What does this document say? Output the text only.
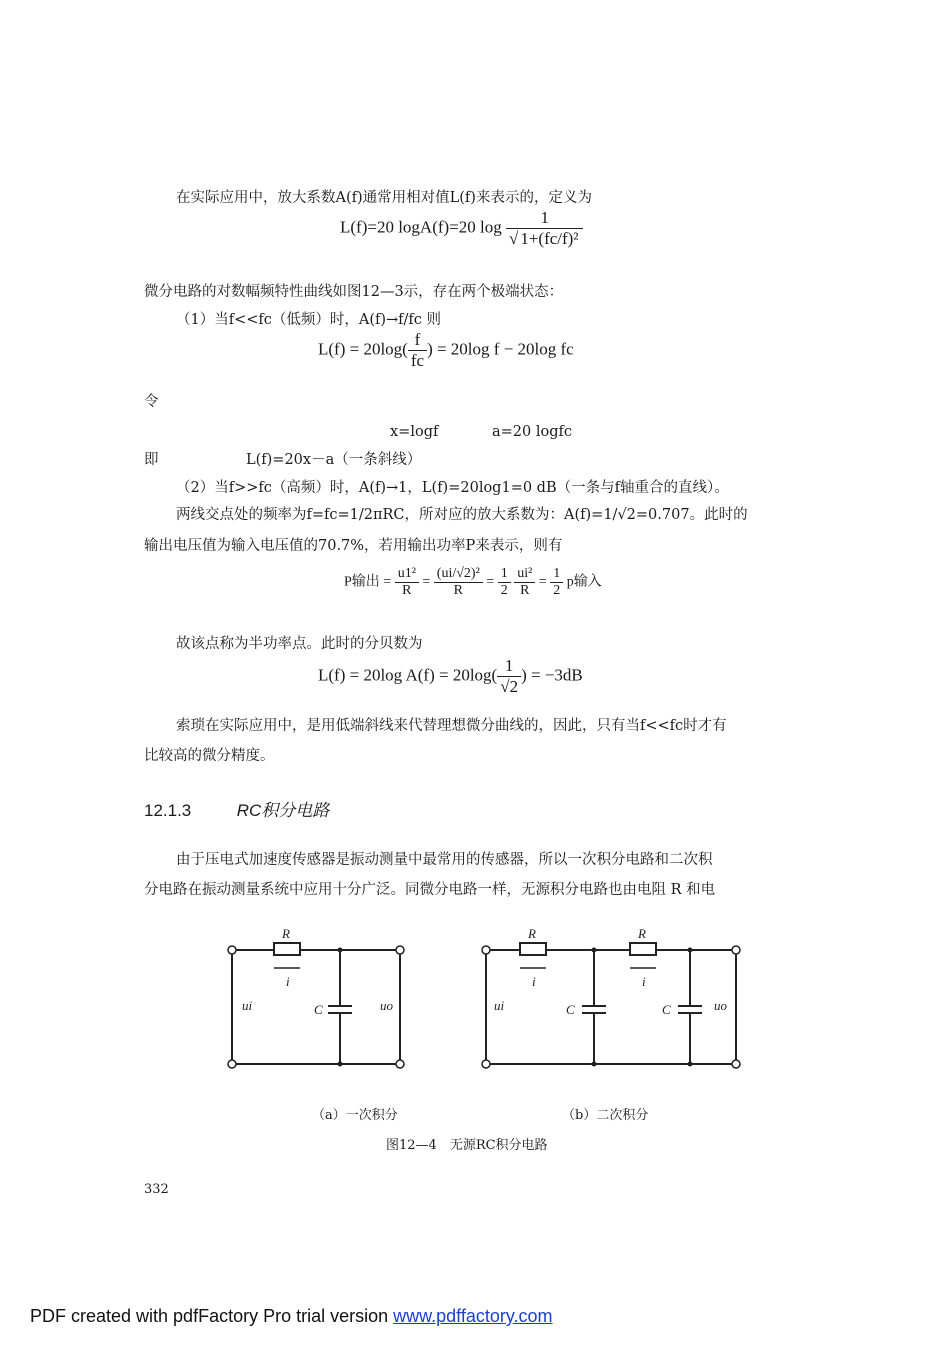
在实际应用中，放大系数A(f)通常用相对值L(f)来表示的，定义为
L(f)=20 logA(f)=20 $\log \frac{1}{\text{√ 1+(fc/f)²}}$
微分电路的对数幅频特性曲线如图12—3示，存在两个极端状态：
（1）当f<<fc（低频）时，A(f)→f/fc 则
$L(f) = 20\log( \frac{f}{fc}$ ) = 20log f − 20log fc
令
x=logf	a=20 logfc
即	L(f)=20x－a（一条斜线）
（2）当f>>fc（高频）时，A(f)→1，L(f)=20log1=0 dB（一条与f轴重合的直线）。
两线交点处的频率为f=fc=1/2πRC，所对应的放大系数为：A(f)=1/√2=0.707。此时的
输出电压值为输入电压值的70.7%，若用输出功率P来表示，则有
P输出 = $\frac{\text{u1²}}{R} = \frac{\text{(ui/√2)²}}{R} = \frac{1}{2}$
$\frac{\text{ui²}}{R} = \frac{1}{2}$ p输入
故该点称为半功率点。此时的分贝数为
L(f) = 20log $A(f) = 20\log( \frac{1}{√2}$ ) = −3dB
索琐在实际应用中，是用低端斜线来代替理想微分曲线的，因此，只有当f<<fc时才有
比较高的微分精度。
12.1.3	RC积分电路
由于压电式加速度传感器是振动测量中最常用的传感器，所以一次积分电路和二次积
分电路在振动测量系统中应用十分广泛。同微分电路一样，无源积分电路也由电阻 R 和电
R
i
C
ui	uo
R	R
i	i
C	C
ui	uo
（a）一次积分	（b）二次积分
图12—4　无源RC积分电路
332
PDF created with pdfFactory Pro trial version www.pdffactory.com
